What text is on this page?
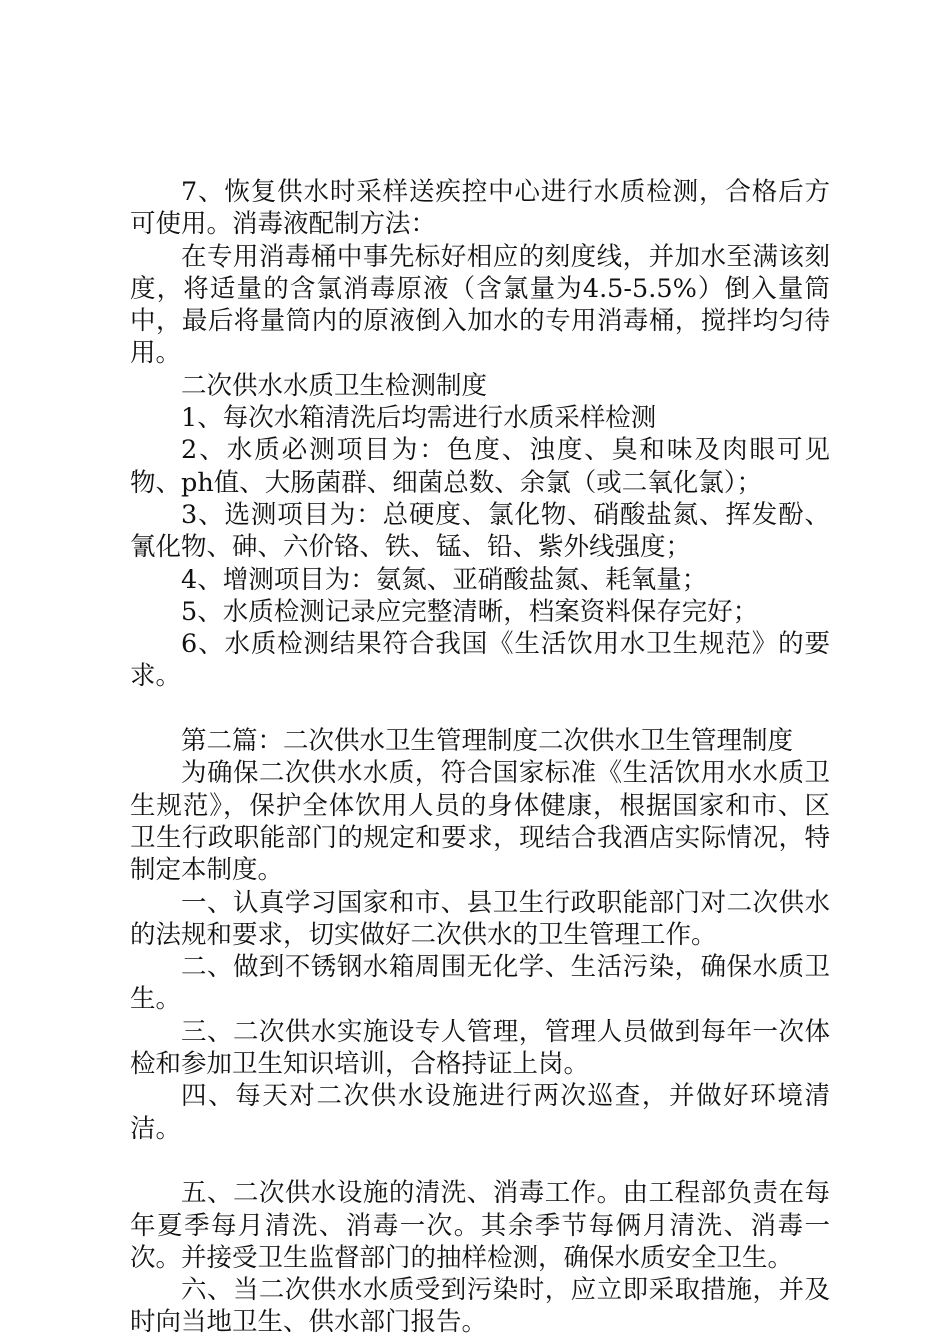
7、恢复供水时采样送疾控中心进行水质检测，合格后方可使用。消毒液配制方法：

在专用消毒桶中事先标好相应的刻度线，并加水至满该刻度，将适量的含氯消毒原液（含氯量为4.5-5.5%）倒入量筒中，最后将量筒内的原液倒入加水的专用消毒桶，搅拌均匀待用。

二次供水水质卫生检测制度

1、每次水箱清洗后均需进行水质采样检测

2、水质必测项目为：色度、浊度、臭和味及肉眼可见物、ph值、大肠菌群、细菌总数、余氯（或二氧化氯）；

3、选测项目为：总硬度、氯化物、硝酸盐氮、挥发酚、氰化物、砷、六价铬、铁、锰、铅、紫外线强度；

4、增测项目为：氨氮、亚硝酸盐氮、耗氧量；

5、水质检测记录应完整清晰，档案资料保存完好；

6、水质检测结果符合我国《生活饮用水卫生规范》的要求。

第二篇：二次供水卫生管理制度二次供水卫生管理制度

为确保二次供水水质，符合国家标准《生活饮用水水质卫生规范》，保护全体饮用人员的身体健康，根据国家和市、区卫生行政职能部门的规定和要求，现结合我酒店实际情况，特制定本制度。

一、认真学习国家和市、县卫生行政职能部门对二次供水的法规和要求，切实做好二次供水的卫生管理工作。

二、做到不锈钢水箱周围无化学、生活污染，确保水质卫生。

三、二次供水实施设专人管理，管理人员做到每年一次体检和参加卫生知识培训，合格持证上岗。

四、每天对二次供水设施进行两次巡查，并做好环境清洁。

五、二次供水设施的清洗、消毒工作。由工程部负责在每年夏季每月清洗、消毒一次。其余季节每俩月清洗、消毒一次。并接受卫生监督部门的抽样检测，确保水质安全卫生。

六、当二次供水水质受到污染时，应立即采取措施，并及时向当地卫生、供水部门报告。
